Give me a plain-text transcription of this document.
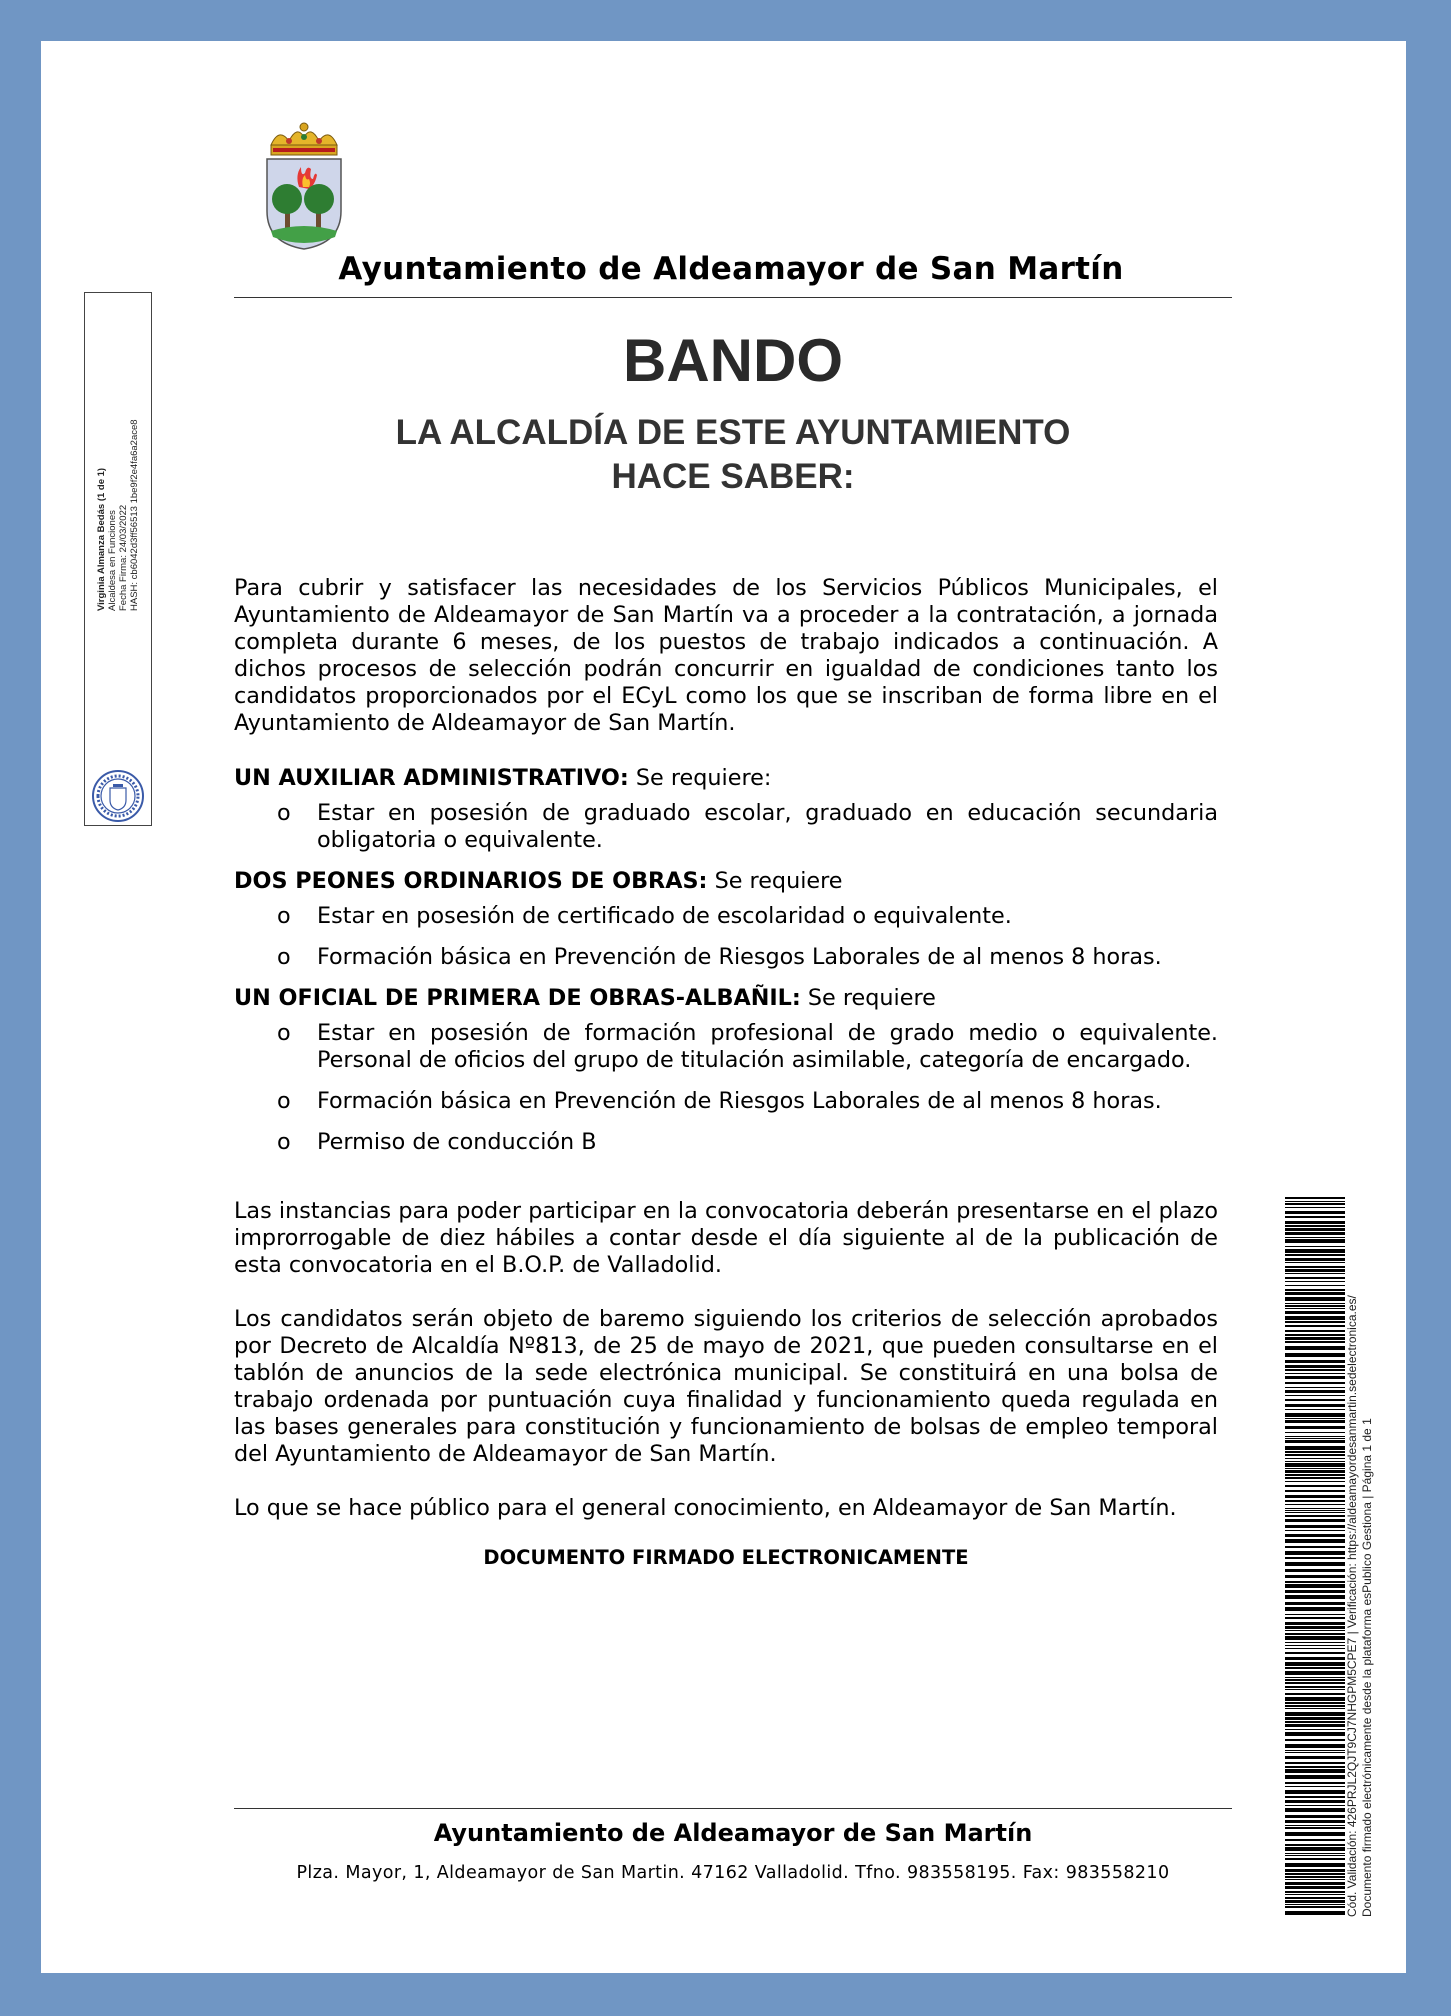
Ayuntamiento de Aldeamayor de San Martín
BANDO
LA ALCALDÍA DE ESTE AYUNTAMIENTO
HACE SABER:

Para cubrir y satisfacer las necesidades de los Servicios Públicos Municipales, el Ayuntamiento de Aldeamayor de San Martín va a proceder a la contratación, a jornada completa durante 6 meses, de los puestos de trabajo indicados a continuación. A dichos procesos de selección podrán concurrir en igualdad de condiciones tanto los candidatos proporcionados por el ECyL como los que se inscriban de forma libre en el Ayuntamiento de Aldeamayor de San Martín.

UN AUXILIAR ADMINISTRATIVO: Se requiere:

o Estar en posesión de graduado escolar, graduado en educación secundaria obligatoria o equivalente.

DOS PEONES ORDINARIOS DE OBRAS: Se requiere

o Estar en posesión de certificado de escolaridad o equivalente.
o Formación básica en Prevención de Riesgos Laborales de al menos 8 horas.

UN OFICIAL DE PRIMERA DE OBRAS-ALBAÑIL: Se requiere

o Estar en posesión de formación profesional de grado medio o equivalente. Personal de oficios del grupo de titulación asimilable, categoría de encargado.
o Formación básica en Prevención de Riesgos Laborales de al menos 8 horas.
o Permiso de conducción B

Las instancias para poder participar en la convocatoria deberán presentarse en el plazo improrrogable de diez hábiles a contar desde el día siguiente al de la publicación de esta convocatoria en el B.O.P. de Valladolid.

Los candidatos serán objeto de baremo siguiendo los criterios de selección aprobados por Decreto de Alcaldía Nº813, de 25 de mayo de 2021, que pueden consultarse en el tablón de anuncios de la sede electrónica municipal. Se constituirá en una bolsa de trabajo ordenada por puntuación cuya finalidad y funcionamiento queda regulada en las bases generales para constitución y funcionamiento de bolsas de empleo temporal del Ayuntamiento de Aldeamayor de San Martín.

Lo que se hace público para el general conocimiento, en Aldeamayor de San Martín.

DOCUMENTO FIRMADO ELECTRONICAMENTE

Ayuntamiento de Aldeamayor de San Martín
Plza. Mayor, 1, Aldeamayor de San Martin. 47162 Valladolid. Tfno. 983558195. Fax: 983558210
Virginia Almanza Bedás (1 de 1) Alcaldesa en Funciones Fecha Firma: 24/03/2022 HASH: cb6042d3ff56513 1be9f2e4fa6a2ace8
Cód. Validación: 426PRJL2QJT9CJ7NHGPM5CPE7 | Verificación: https://aldeamayordesanmartin.sedelectronica.es/ Documento firmado electrónicamente desde la plataforma esPublico Gestiona | Página 1 de 1
